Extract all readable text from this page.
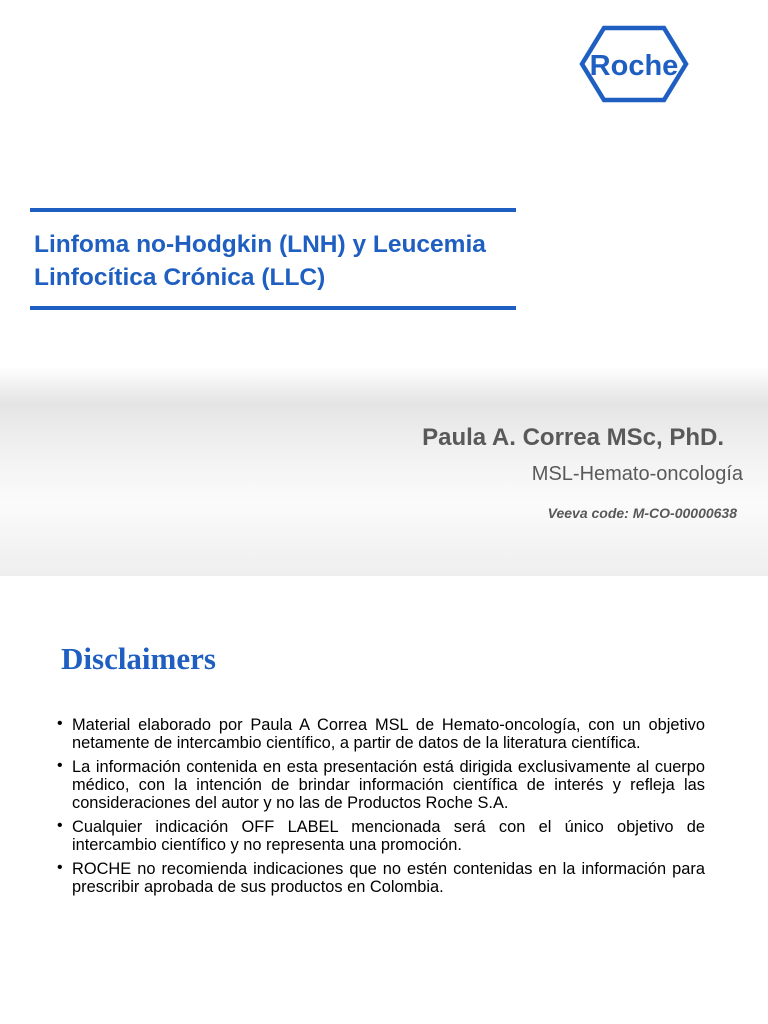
Roche
Linfoma no-Hodgkin (LNH) y Leucemia
Linfocítica Crónica (LLC)
Paula A. Correa MSc, PhD.
MSL-Hemato-oncología
Veeva code: M-CO-00000638
Disclaimers
• Material elaborado por Paula A Correa MSL de Hemato-oncología, con un objetivo netamente de intercambio científico, a partir de datos de la literatura científica.
• La información contenida en esta presentación está dirigida exclusivamente al cuerpo médico, con la intención de brindar información científica de interés y refleja las consideraciones del autor y no las de Productos Roche S.A.
• Cualquier indicación OFF LABEL mencionada será con el único objetivo de intercambio científico y no representa una promoción.
• ROCHE no recomienda indicaciones que no estén contenidas en la información para prescribir aprobada de sus productos en Colombia.
